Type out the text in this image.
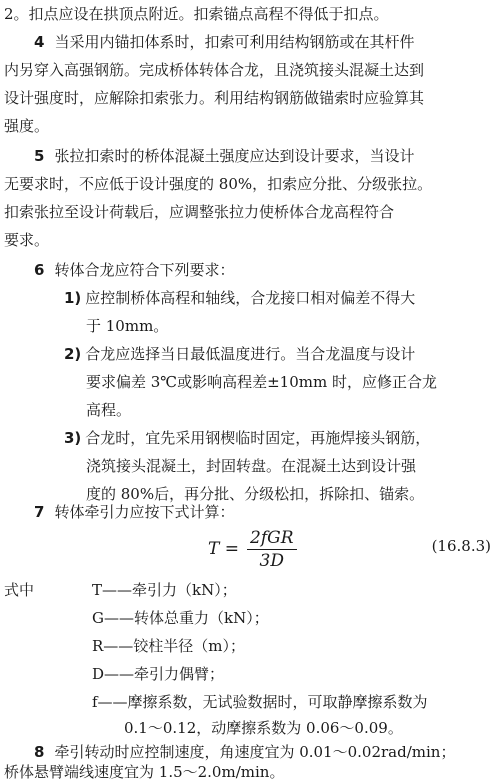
2。扣点应设在拱顶点附近。扣索锚点高程不得低于扣点。
4 当采用内锚扣体系时，扣索可利用结构钢筋或在其杆件
内另穿入高强钢筋。完成桥体转体合龙，且浇筑接头混凝土达到
设计强度时，应解除扣索张力。利用结构钢筋做锚索时应验算其
强度。
5 张拉扣索时的桥体混凝土强度应达到设计要求，当设计
无要求时，不应低于设计强度的 80%，扣索应分批、分级张拉。
扣索张拉至设计荷载后，应调整张拉力使桥体合龙高程符合
要求。
6 转体合龙应符合下列要求：
1) 应控制桥体高程和轴线，合龙接口相对偏差不得大
于 10mm。
2) 合龙应选择当日最低温度进行。当合龙温度与设计
要求偏差 3℃或影响高程差±10mm 时，应修正合龙
高程。
3) 合龙时，宜先采用钢楔临时固定，再施焊接头钢筋，
浇筑接头混凝土，封固转盘。在混凝土达到设计强
度的 80%后，再分批、分级松扣，拆除扣、锚索。
7 转体牵引力应按下式计算：
$T = \frac{\text{2fGR}}{3D}$	(16.8.3)
式中	T——牵引力（kN）；
G——转体总重力（kN）；
R——铰柱半径（m）；
D——牵引力偶臂；
f——摩擦系数，无试验数据时，可取静摩擦系数为
0.1～0.12，动摩擦系数为 0.06～0.09。
8 牵引转动时应控制速度，角速度宜为 0.01～0.02rad/min；
桥体悬臂端线速度宜为 1.5～2.0m/min。
